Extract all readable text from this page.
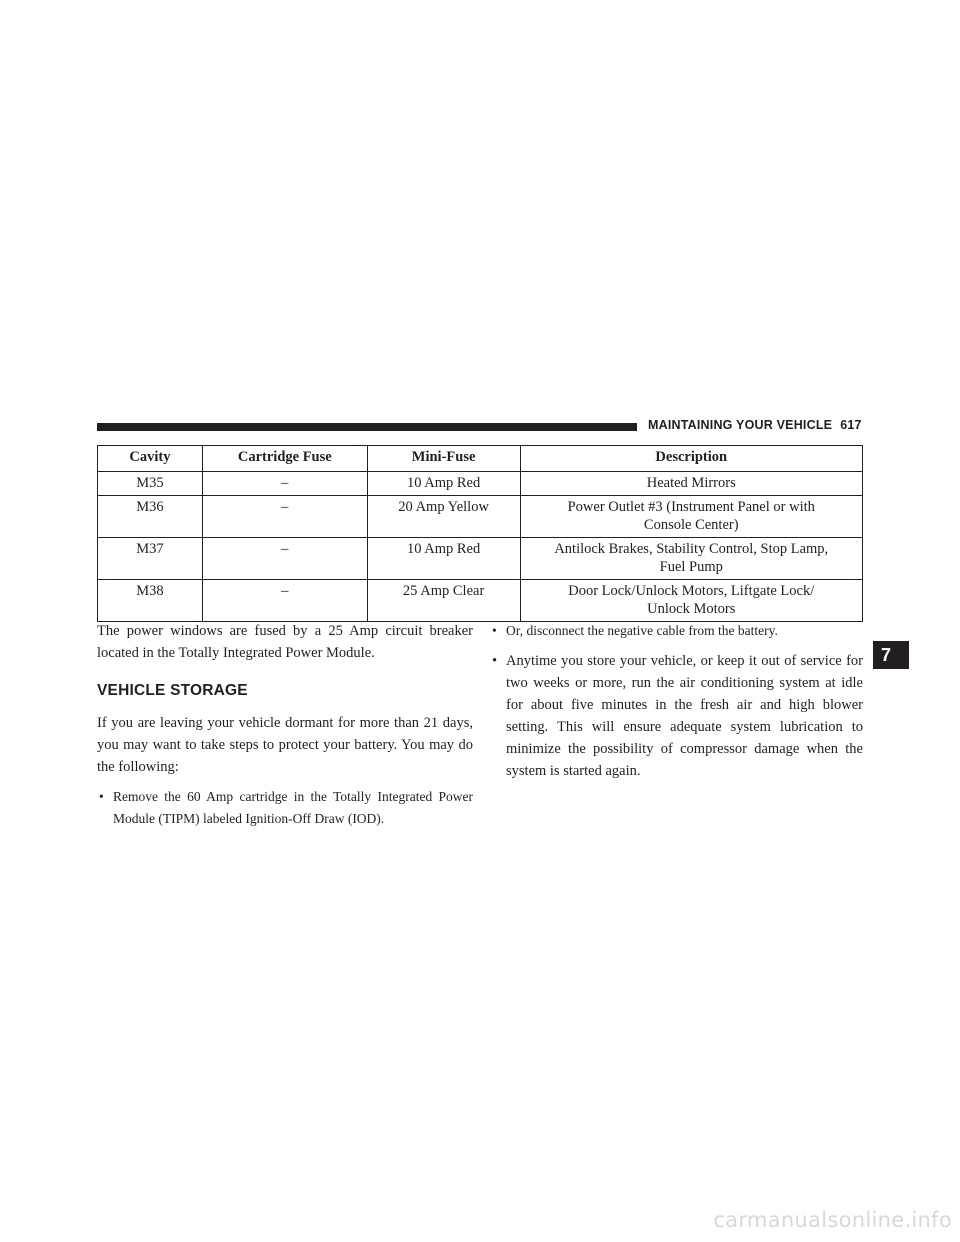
MAINTAINING YOUR VEHICLE 617
Cavity	Cartridge Fuse	Mini-Fuse	Description
M35	–	10 Amp Red	Heated Mirrors
M36	–	20 Amp Yellow	Power Outlet #3 (Instrument Panel or with
Console Center)
M37	–	10 Amp Red	Antilock Brakes, Stability Control, Stop Lamp,
Fuel Pump
M38	–	25 Amp Clear	Door Lock/Unlock Motors, Liftgate Lock/
Unlock Motors

The power windows are fused by a 25 Amp circuit breaker located in the Totally Integrated Power Module.

VEHICLE STORAGE

If you are leaving your vehicle dormant for more than 21 days, you may want to take steps to protect your battery. You may do the following:

• Remove the 60 Amp cartridge in the Totally Integrated Power Module (TIPM) labeled Ignition-Off Draw (IOD).
• Or, disconnect the negative cable from the battery.
• Anytime you store your vehicle, or keep it out of service for two weeks or more, run the air conditioning system at idle for about five minutes in the fresh air and high blower setting. This will ensure adequate system lubrication to minimize the possibility of compressor damage when the system is started again.
7
carmanualsonline.info
